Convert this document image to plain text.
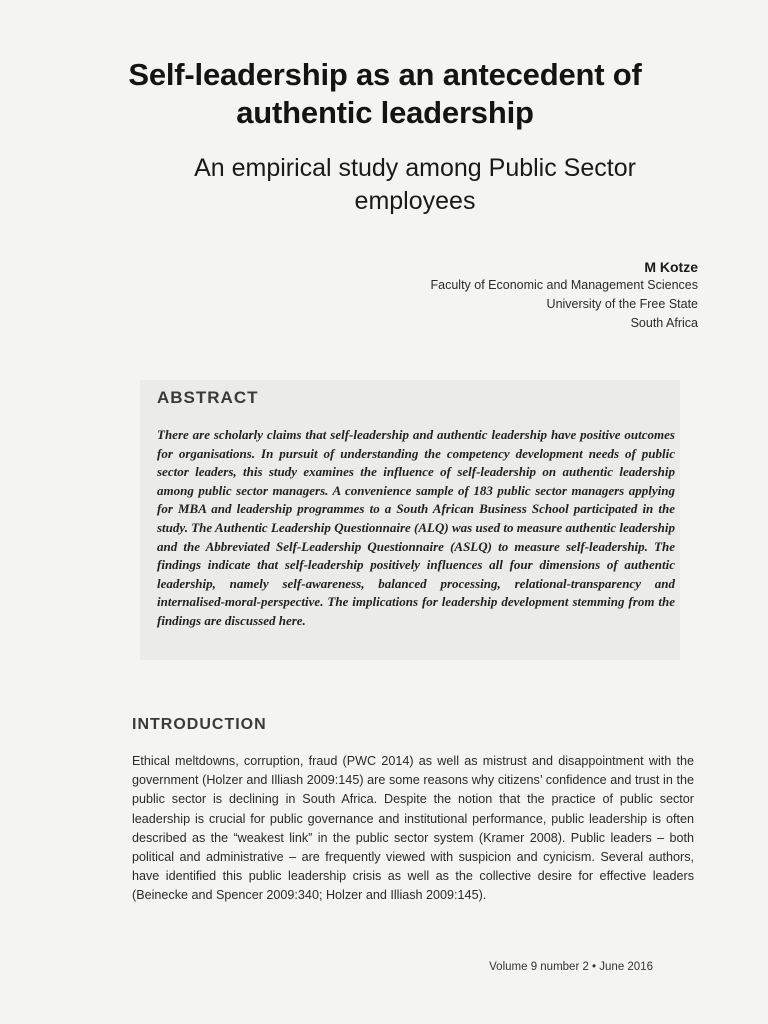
Self-leadership as an antecedent of authentic leadership
An empirical study among Public Sector employees
M Kotze
Faculty of Economic and Management Sciences
University of the Free State
South Africa
ABSTRACT
There are scholarly claims that self-leadership and authentic leadership have positive outcomes for organisations. In pursuit of understanding the competency development needs of public sector leaders, this study examines the influence of self-leadership on authentic leadership among public sector managers. A convenience sample of 183 public sector managers applying for MBA and leadership programmes to a South African Business School participated in the study. The Authentic Leadership Questionnaire (ALQ) was used to measure authentic leadership and the Abbreviated Self-Leadership Questionnaire (ASLQ) to measure self-leadership. The findings indicate that self-leadership positively influences all four dimensions of authentic leadership, namely self-awareness, balanced processing, relational-transparency and internalised-moral-perspective. The implications for leadership development stemming from the findings are discussed here.
INTRODUCTION
Ethical meltdowns, corruption, fraud (PWC 2014) as well as mistrust and disappointment with the government (Holzer and Illiash 2009:145) are some reasons why citizens’ confidence and trust in the public sector is declining in South Africa. Despite the notion that the practice of public sector leadership is crucial for public governance and institutional performance, public leadership is often described as the “weakest link” in the public sector system (Kramer 2008). Public leaders – both political and administrative – are frequently viewed with suspicion and cynicism. Several authors, have identified this public leadership crisis as well as the collective desire for effective leaders (Beinecke and Spencer 2009:340; Holzer and Illiash 2009:145).
Volume 9 number 2 • June 2016
